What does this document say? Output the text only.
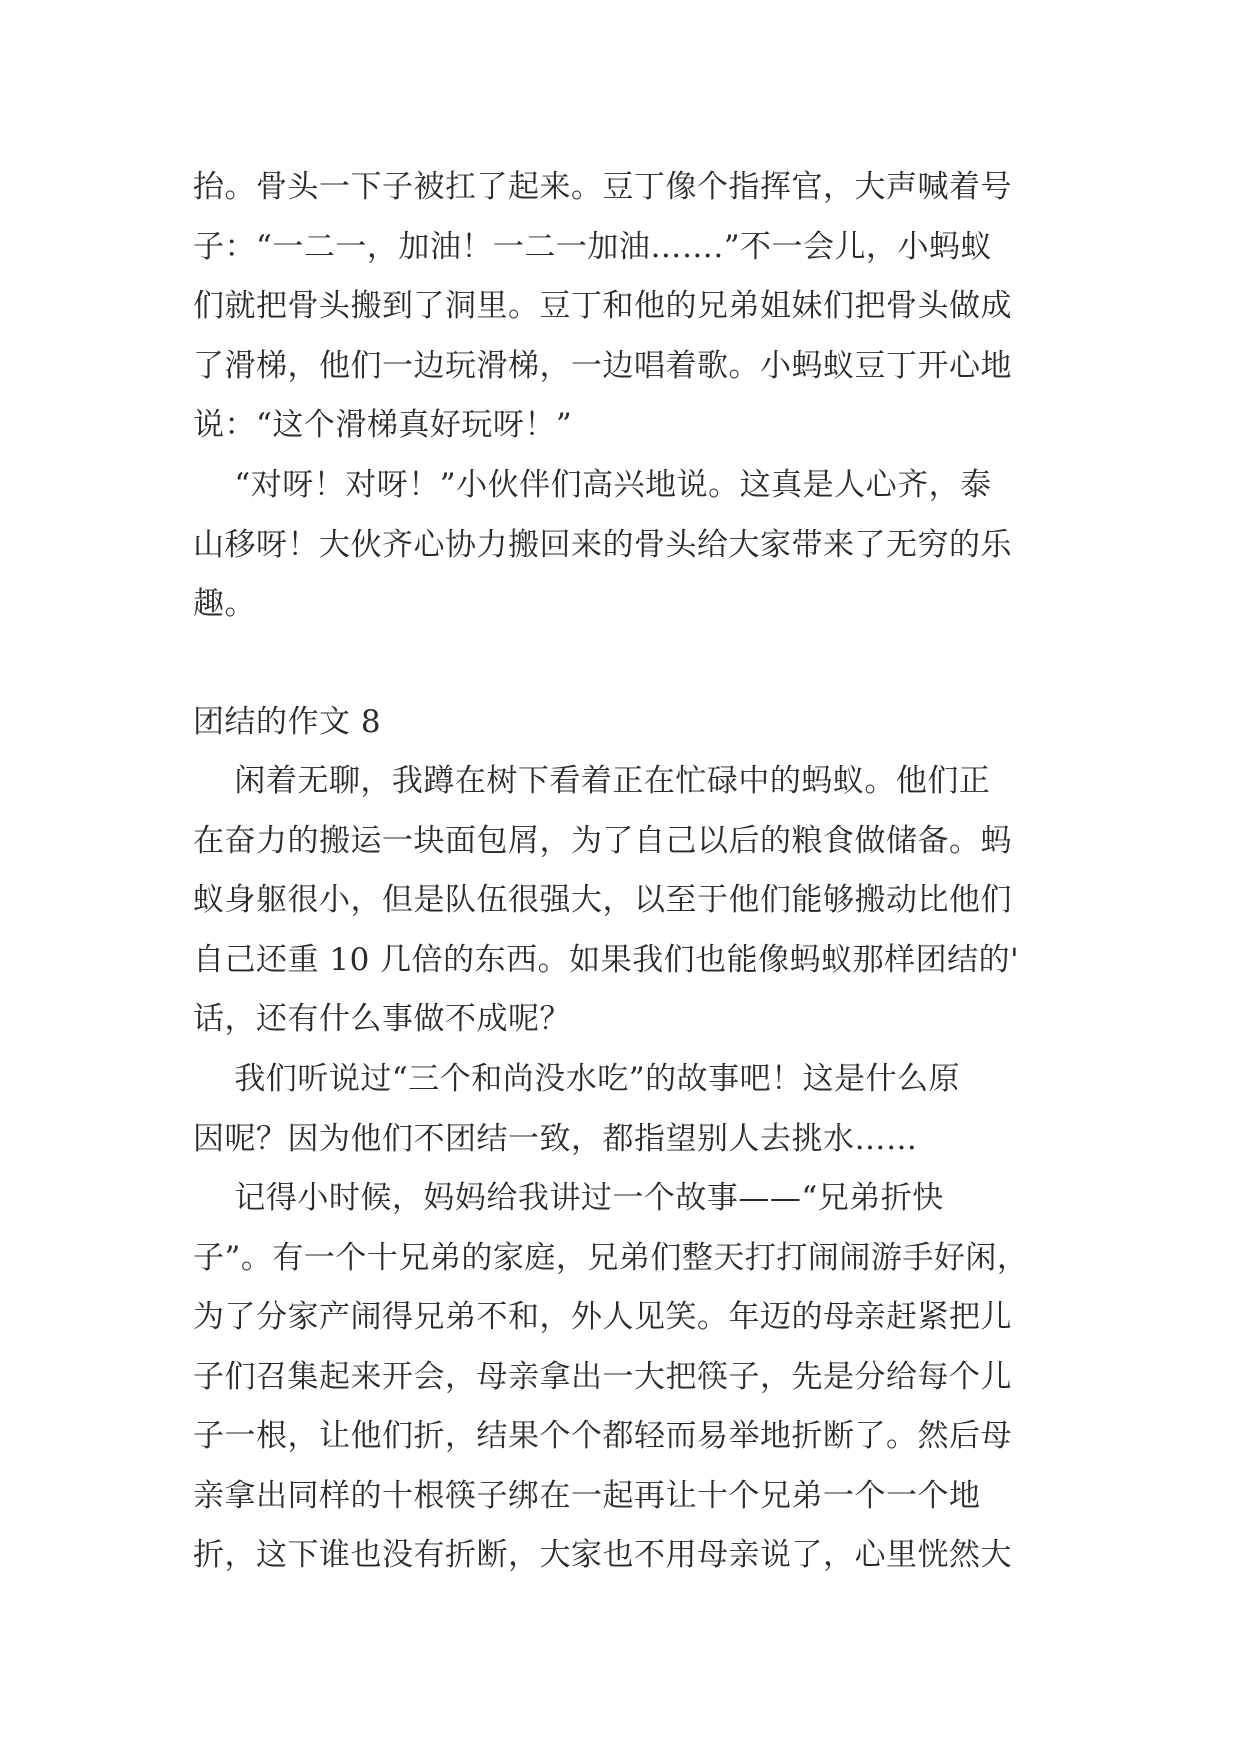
抬。骨头一下子被扛了起来。豆丁像个指挥官，大声喊着号
子：“一二一，加油！一二一加油…….”不一会儿，小蚂蚁
们就把骨头搬到了洞里。豆丁和他的兄弟姐妹们把骨头做成
了滑梯，他们一边玩滑梯，一边唱着歌。小蚂蚁豆丁开心地
说：“这个滑梯真好玩呀！”

“对呀！对呀！”小伙伴们高兴地说。这真是人心齐，泰
山移呀！大伙齐心协力搬回来的骨头给大家带来了无穷的乐
趣。

团结的作文 8

闲着无聊，我蹲在树下看着正在忙碌中的蚂蚁。他们正
在奋力的搬运一块面包屑，为了自己以后的粮食做储备。蚂
蚁身躯很小，但是队伍很强大，以至于他们能够搬动比他们
自己还重 10 几倍的东西。如果我们也能像蚂蚁那样团结的'
话，还有什么事做不成呢？

我们听说过“三个和尚没水吃”的故事吧！这是什么原
因呢？因为他们不团结一致，都指望别人去挑水……

记得小时候，妈妈给我讲过一个故事——“兄弟折快
子”。有一个十兄弟的家庭，兄弟们整天打打闹闹游手好闲，
为了分家产闹得兄弟不和，外人见笑。年迈的母亲赶紧把儿
子们召集起来开会，母亲拿出一大把筷子，先是分给每个儿
子一根，让他们折，结果个个都轻而易举地折断了。然后母
亲拿出同样的十根筷子绑在一起再让十个兄弟一个一个地
折，这下谁也没有折断，大家也不用母亲说了，心里恍然大
